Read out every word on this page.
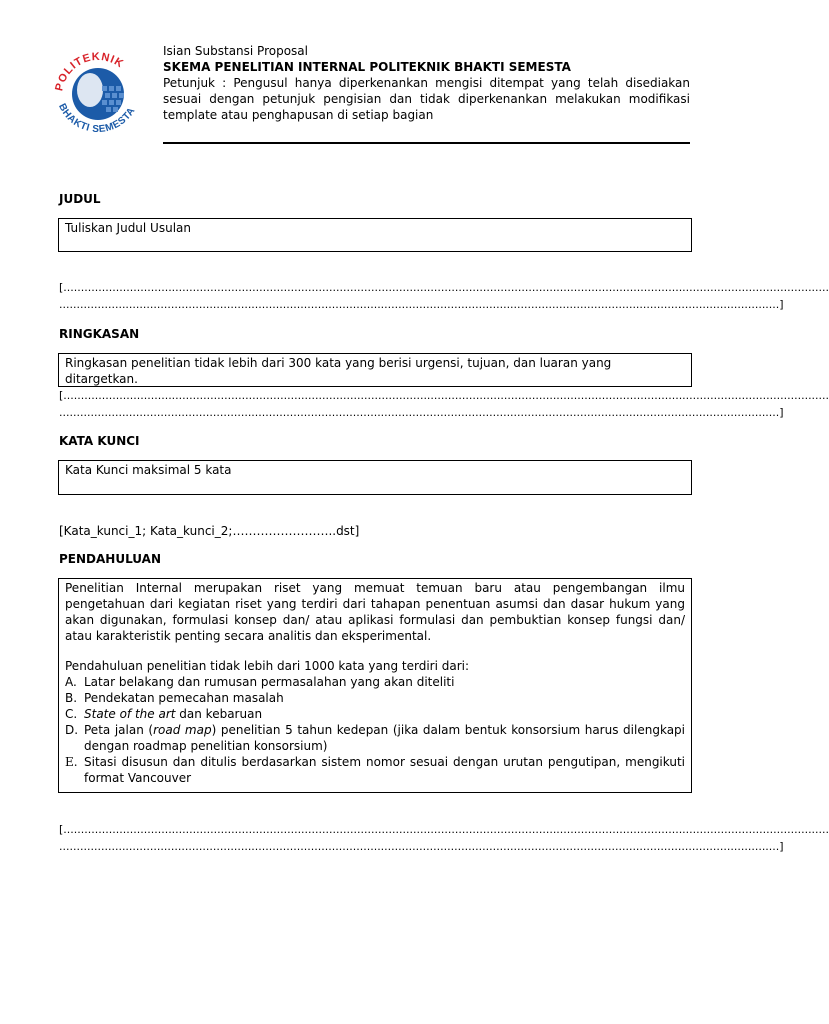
POLITEKNIK
BHAKTI SEMESTA
Isian Substansi Proposal
SKEMA PENELITIAN INTERNAL POLITEKNIK BHAKTI SEMESTA
Petunjuk : Pengusul hanya diperkenankan mengisi ditempat yang telah disediakan sesuai dengan petunjuk pengisian dan tidak diperkenankan melakukan modifikasi template atau penghapusan di setiap bagian
JUDUL
Tuliskan Judul Usulan
[...........................................................................................................................................................................................................................
..............................................................................................................................................................................................................]
RINGKASAN
Ringkasan penelitian tidak lebih dari 300 kata yang berisi urgensi, tujuan, dan luaran yang ditargetkan.
[...........................................................................................................................................................................................................................
..............................................................................................................................................................................................................]
KATA KUNCI
Kata Kunci maksimal 5 kata
[Kata_kunci_1; Kata_kunci_2;……………………..dst]
PENDAHULUAN

Penelitian Internal merupakan riset yang memuat temuan baru atau pengembangan ilmu pengetahuan dari kegiatan riset yang terdiri dari tahapan penentuan asumsi dan dasar hukum yang akan digunakan, formulasi konsep dan/ atau aplikasi formulasi dan pembuktian konsep fungsi dan/ atau karakteristik penting secara analitis dan eksperimental.

Pendahuluan penelitian tidak lebih dari 1000 kata yang terdiri dari:

A. Latar belakang dan rumusan permasalahan yang akan diteliti
B. Pendekatan pemecahan masalah
C. State of the art dan kebaruan
D. Peta jalan (road map) penelitian 5 tahun kedepan (jika dalam bentuk konsorsium harus dilengkapi dengan roadmap penelitian konsorsium)
E. Sitasi disusun dan ditulis berdasarkan sistem nomor sesuai dengan urutan pengutipan, mengikuti format Vancouver
[...........................................................................................................................................................................................................................
..............................................................................................................................................................................................................]
